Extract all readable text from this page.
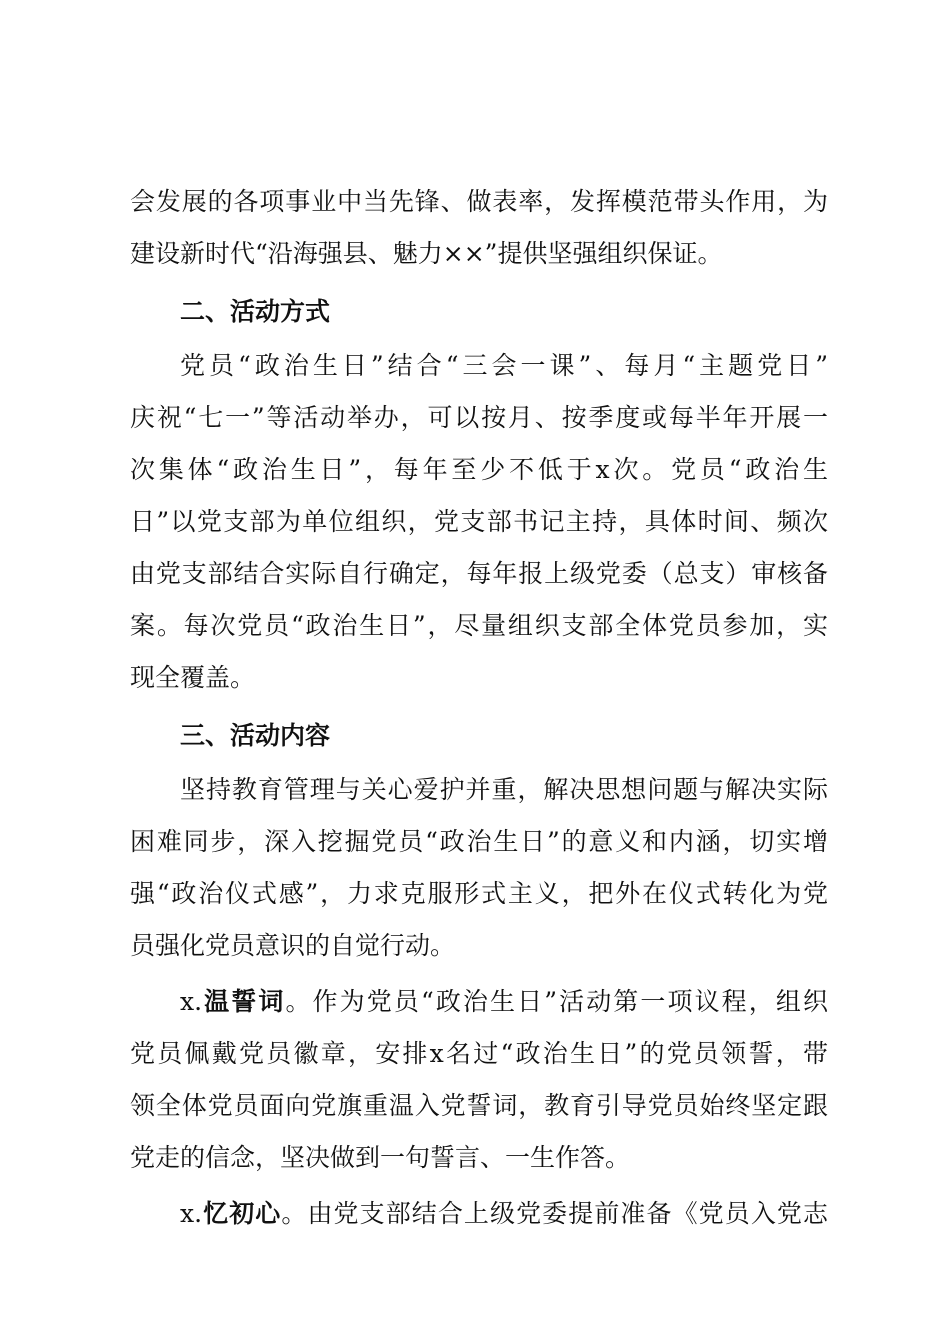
会发展的各项事业中当先锋、做表率，发挥模范带头作用，为
建设新时代“沿海强县、魅力××”提供坚强组织保证。
二、活动方式
党员“政治生日”结合“三会一课”、每月“主题党日”
庆祝“七一”等活动举办，可以按月、按季度或每半年开展一
次集体“政治生日”，每年至少不低于x次。党员“政治生
日”以党支部为单位组织，党支部书记主持，具体时间、频次
由党支部结合实际自行确定，每年报上级党委（总支）审核备
案。每次党员“政治生日”，尽量组织支部全体党员参加，实
现全覆盖。
三、活动内容
坚持教育管理与关心爱护并重，解决思想问题与解决实际
困难同步，深入挖掘党员“政治生日”的意义和内涵，切实增
强“政治仪式感”，力求克服形式主义，把外在仪式转化为党
员强化党员意识的自觉行动。
x.温誓词。作为党员“政治生日”活动第一项议程，组织
党员佩戴党员徽章，安排x名过“政治生日”的党员领誓，带
领全体党员面向党旗重温入党誓词，教育引导党员始终坚定跟
党走的信念，坚决做到一句誓言、一生作答。
x.忆初心。由党支部结合上级党委提前准备《党员入党志
